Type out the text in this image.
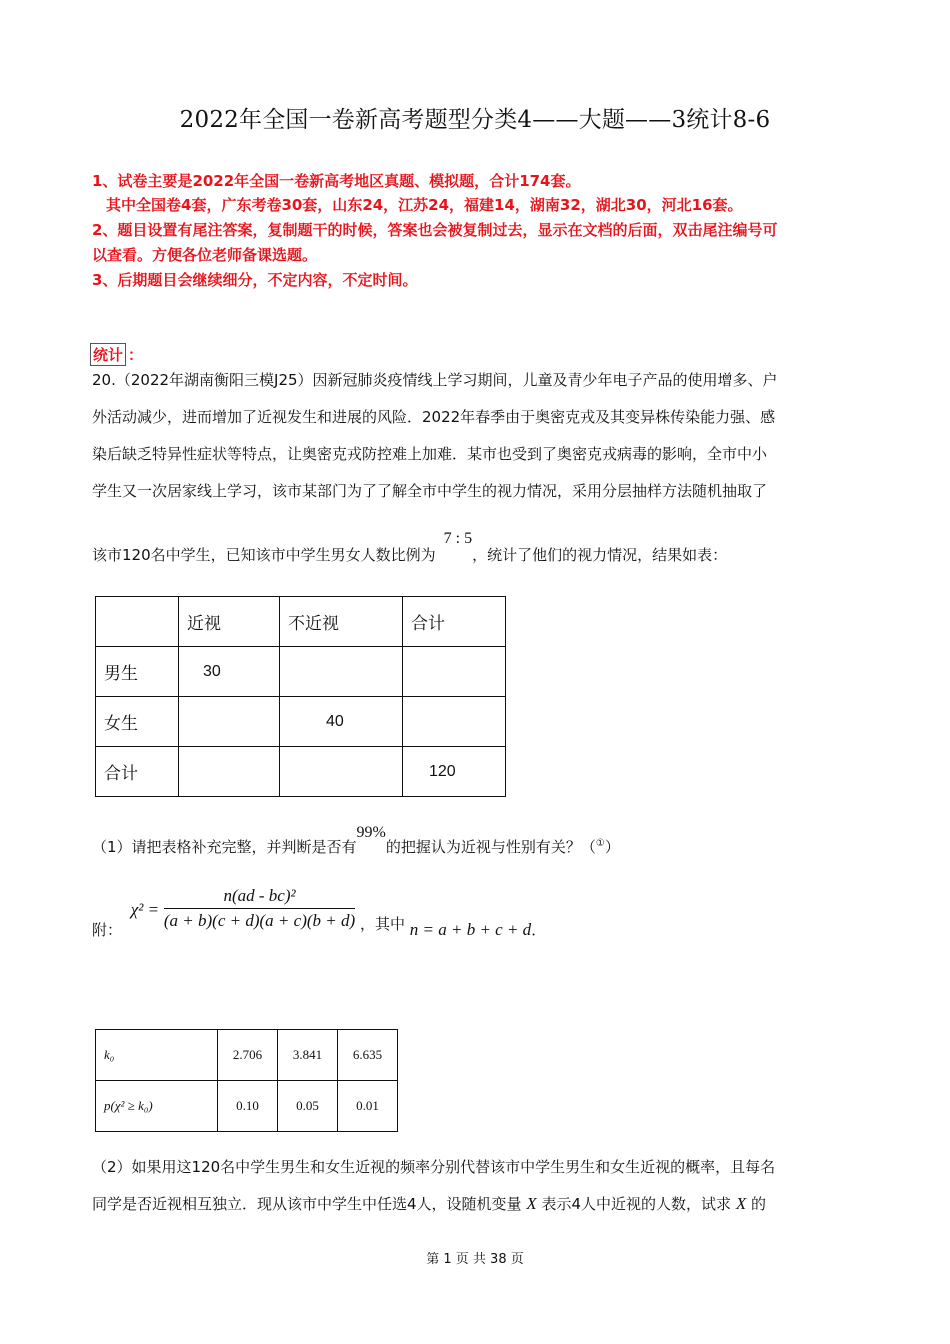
2022年全国一卷新高考题型分类4——大题——3统计8-6
1、试卷主要是2022年全国一卷新高考地区真题、模拟题，合计174套。
其中全国卷4套，广东考卷30套，山东24，江苏24，福建14，湖南32，湖北30，河北16套。
2、题目设置有尾注答案，复制题干的时候，答案也会被复制过去，显示在文档的后面，双击尾注编号可
以查看。方便各位老师备课选题。
3、后期题目会继续细分，不定内容，不定时间。
统计 ：
20.（2022年湖南衡阳三模J25）因新冠肺炎疫情线上学习期间，儿童及青少年电子产品的使用增多、户
外活动减少，进而增加了近视发生和进展的风险．2022年春季由于奥密克戎及其变异株传染能力强、感
染后缺乏特异性症状等特点，让奥密克戎防控难上加难．某市也受到了奥密克戎病毒的影响，全市中小
学生又一次居家线上学习，该市某部门为了了解全市中学生的视力情况，采用分层抽样方法随机抽取了
该市120名中学生，已知该市中学生男女人数比例为7 : 5，统计了他们的视力情况，结果如表：
	近视	不近视	合计
男生	30		
女生		40	
合计			120
（1）请把表格补充完整，并判断是否有99%的把握认为近视与性别有关？（①）
附： $\chi^2 = \frac{\text{n(ad - bc)²}}{(a + b)(c + d)(a + c)(b + d)}$ ，其中 n = a + b + c + d．
k₀	2.706	3.841	6.635
p(χ² ≥ k₀)	0.10	0.05	0.01
（2）如果用这120名中学生男生和女生近视的频率分别代替该市中学生男生和女生近视的概率，且每名
同学是否近视相互独立．现从该市中学生中任选4人，设随机变量 X 表示4人中近视的人数，试求 X 的
第 1 页 共 38 页
